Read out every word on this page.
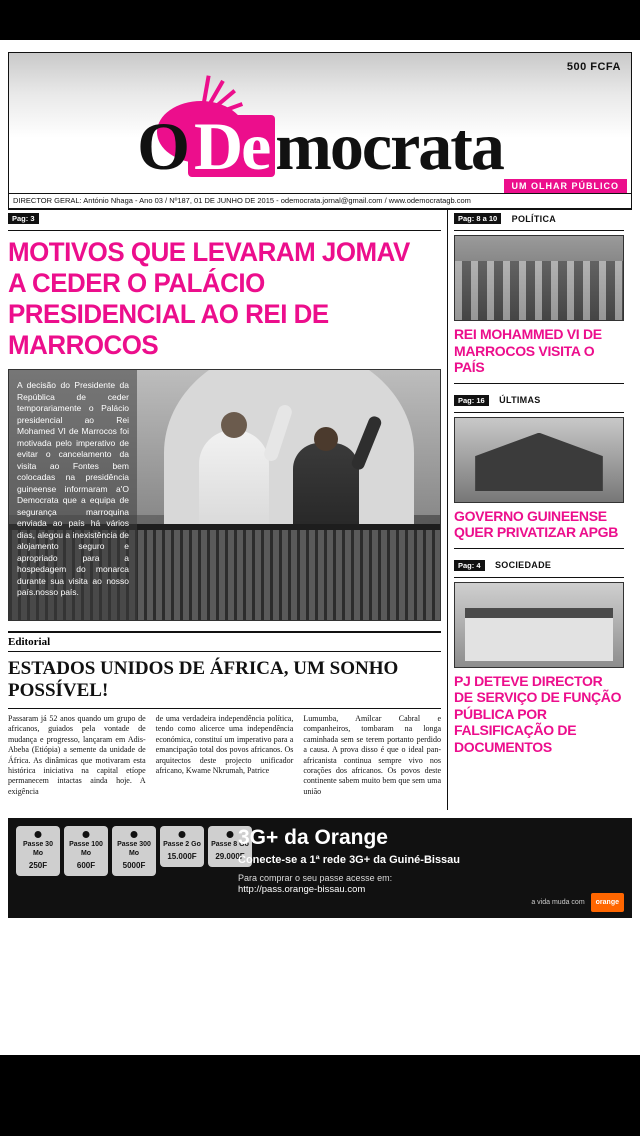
500 FCFA
O De mocrata
UM OLHAR PÚBLICO
DIRECTOR GERAL: António Nhaga - Ano 03 / Nº187, 01 DE JUNHO DE 2015 - odemocrata.jornal@gmail.com / www.odemocratagb.com
Pag: 3
MOTIVOS QUE LEVARAM JOMAV A CEDER O PALÁCIO PRESIDENCIAL AO REI DE MARROCOS
A decisão do Presidente da República de ceder temporariamente o Palácio presidencial ao Rei Mohamed VI de Marrocos foi motivada pelo imperativo de evitar o cancelamento da visita ao Fontes bem colocadas na presidência guineense informaram a'O Democrata que a equipa de segurança marroquina enviada ao país há vários dias, alegou a inexistência de alojamento seguro e apropriado para a hospedagem do monarca durante sua visita ao nosso país.nosso país.
Editorial
ESTADOS UNIDOS DE ÁFRICA, UM SONHO POSSÍVEL!

Passaram já 52 anos quando um grupo de africanos, guiados pela vontade de mudança e progresso, lançaram em Adis-Abeba (Etiópia) a semente da unidade de África. As dinâmicas que motivaram esta histórica iniciativa na capital etíope permanecem intactas ainda hoje. A exigência

de uma verdadeira independência política, tendo como alicerce uma independência económica, constituí um imperativo para a emancipação total dos povos africanos. Os arquitectos deste projecto unificador africano, Kwame Nkrumah, Patrice

Lumumba, Amílcar Cabral e companheiros, tombaram na longa caminhada sem se terem portanto perdido a causa. A prova disso é que o ideal pan-africanista continua sempre vivo nos corações dos africanos. Os povos deste continente sabem muito bem que sem uma união

Pag: 8 a 10 POLÍTICA
REI MOHAMMED VI DE MARROCOS VISITA O PAÍS
Pag: 16 ÚLTIMAS
GOVERNO GUINEENSE QUER PRIVATIZAR APGB
Pag: 4 SOCIEDADE
PJ DETEVE DIRECTOR DE SERVIÇO DE FUNÇÃO PÚBLICA POR FALSIFICAÇÃO DE DOCUMENTOS
Passe 30 Mo
250F
Passe 100 Mo
600F
Passe 300 Mo
5000F
Passe 2 Go
15.000F
Passe 8 Go
29.000F
3G+ da Orange
Conecte-se a 1ª rede 3G+ da Guiné-Bissau
Para comprar o seu passe acesse em:
http://pass.orange-bissau.com
a vida muda com	orange
